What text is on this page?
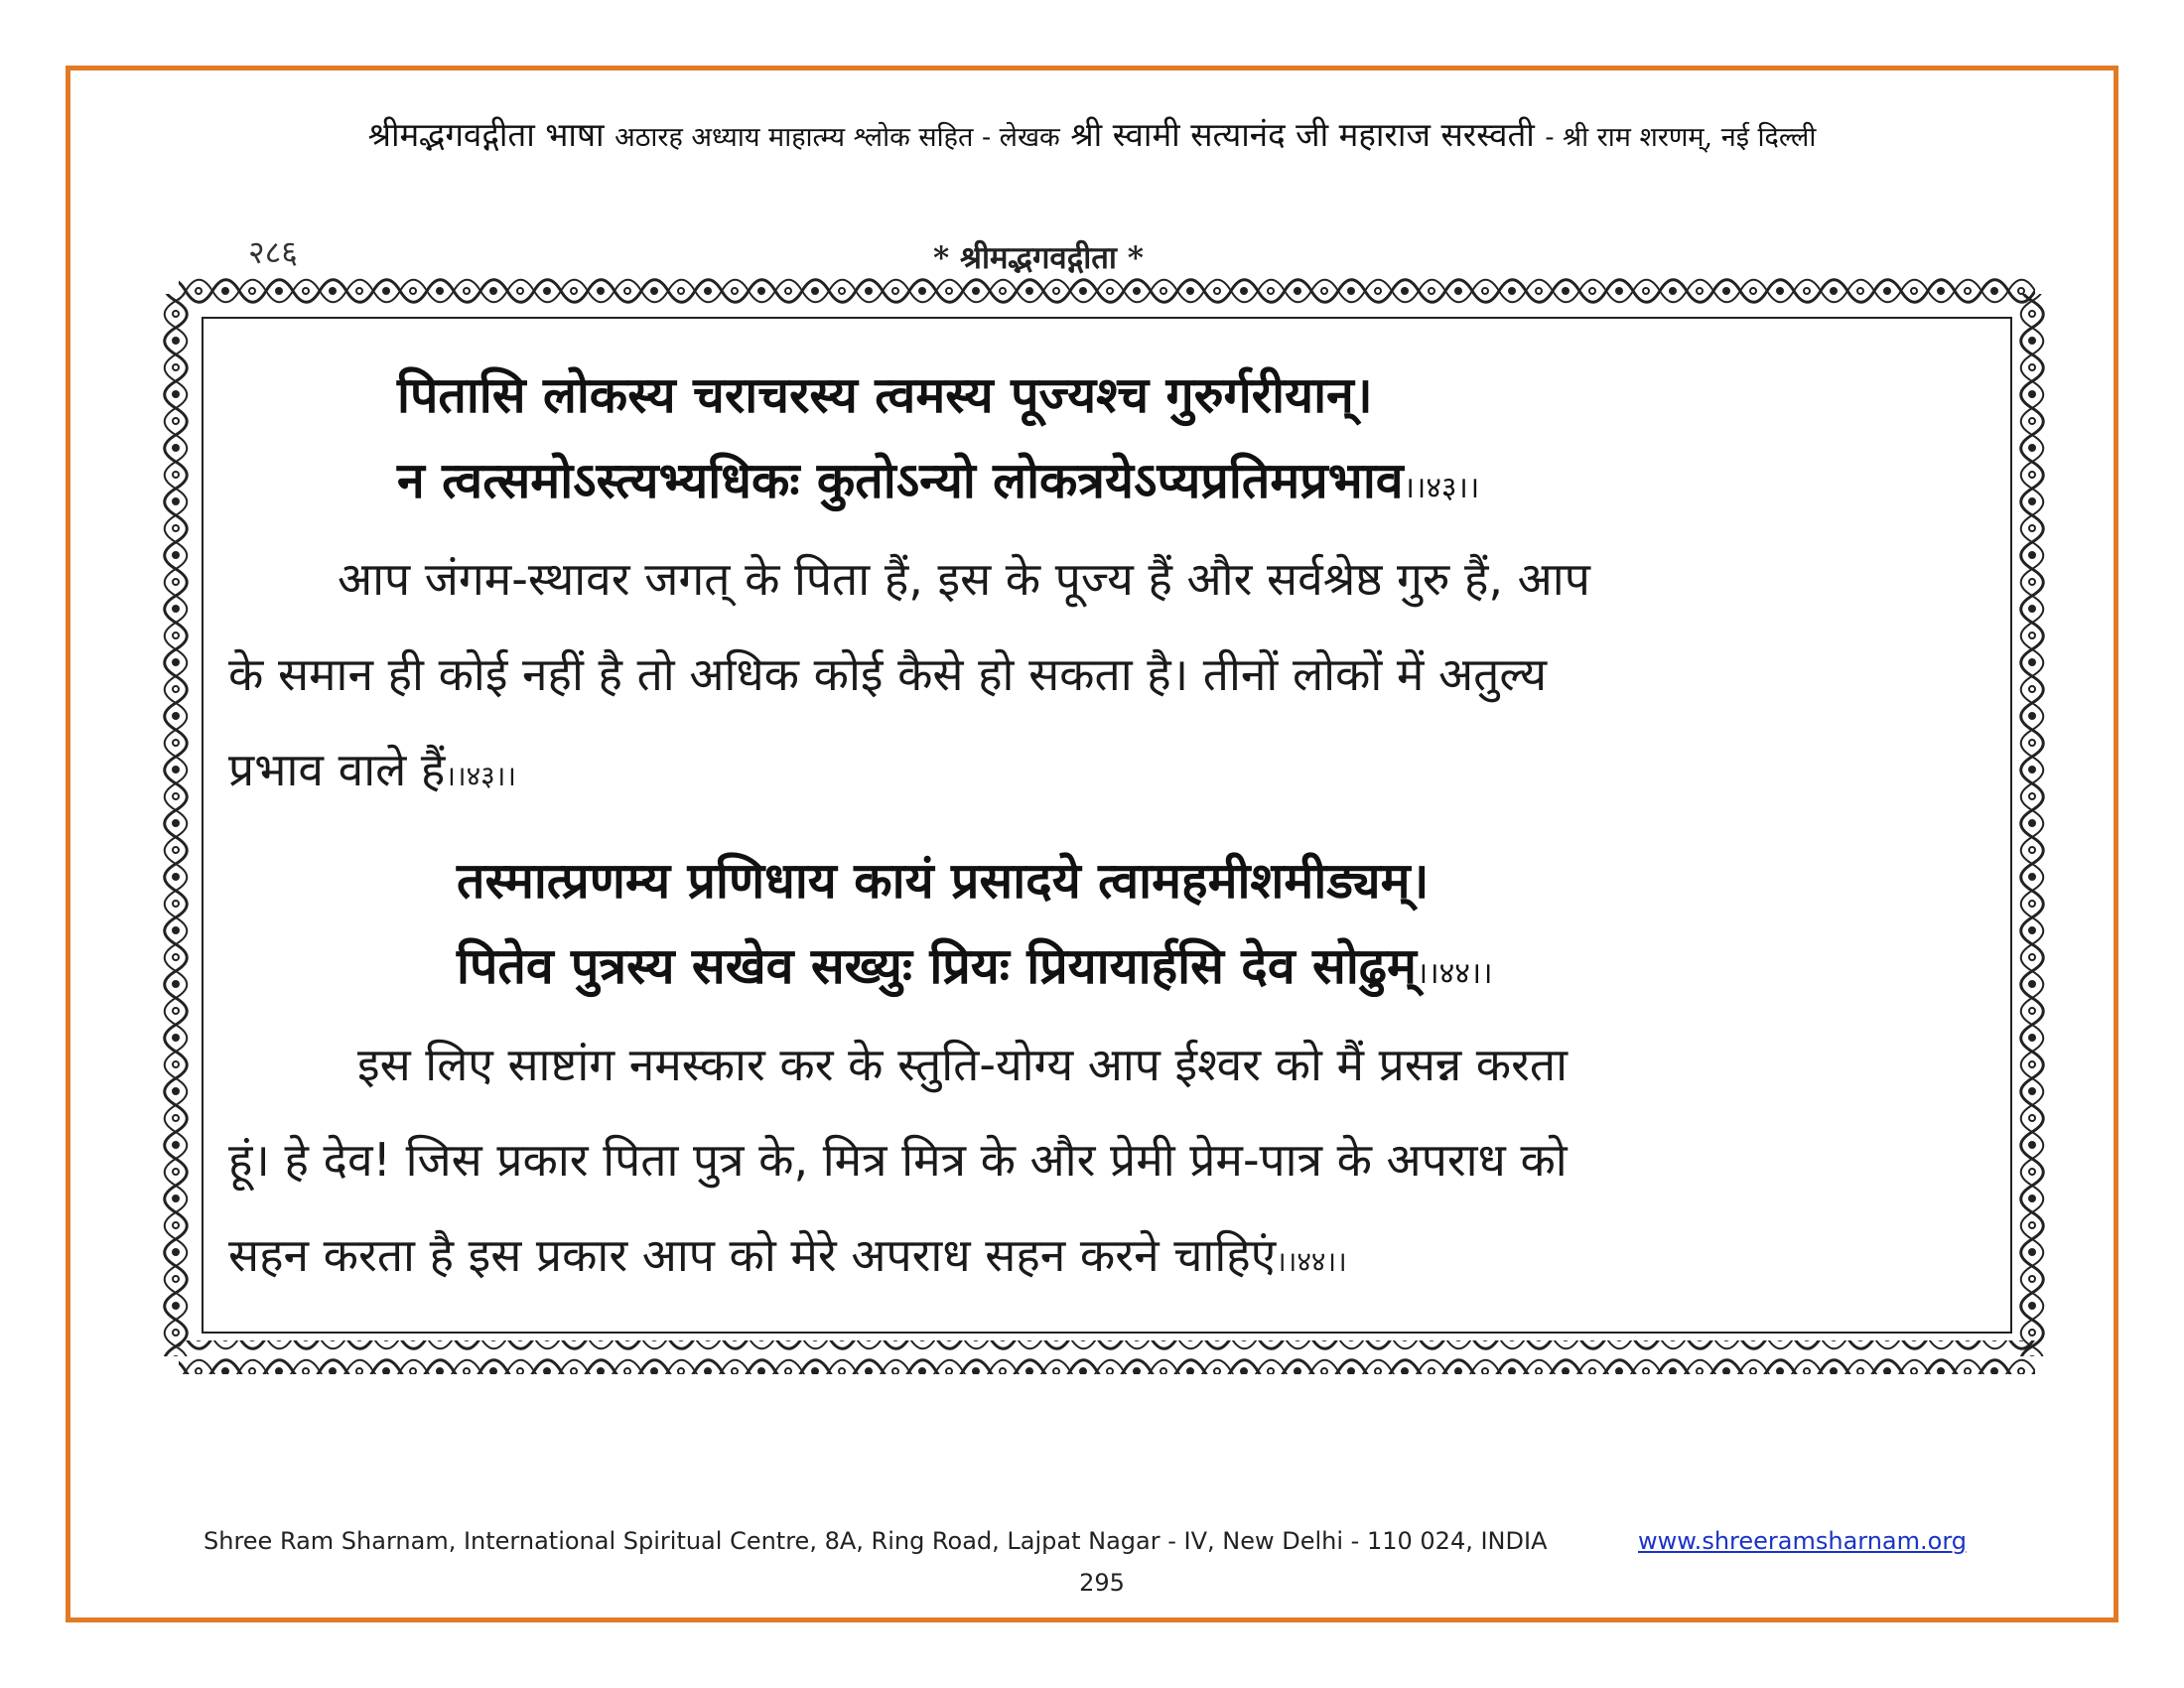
श्रीमद्भगवद्गीता भाषा अठारह अध्याय माहात्म्य श्लोक सहित - लेखक श्री स्वामी सत्यानंद जी महाराज सरस्वती - श्री राम शरणम्, नई दिल्ली
२८६	* श्रीमद्भगवद्गीता *
पितासि लोकस्य चराचरस्य त्वमस्य पूज्यश्च गुरुर्गरीयान्।
न त्वत्समोऽस्त्यभ्यधिकः कुतोऽन्यो लोकत्रयेऽप्यप्रतिमप्रभाव।।४३।।
आप जंगम-स्थावर जगत् के पिता हैं, इस के पूज्य हैं और सर्वश्रेष्ठ गुरु हैं, आप
के समान ही कोई नहीं है तो अधिक कोई कैसे हो सकता है। तीनों लोकों में अतुल्य
प्रभाव वाले हैं।।४३।।
तस्मात्प्रणम्य प्रणिधाय कायं प्रसादये त्वामहमीशमीड्यम्।
पितेव पुत्रस्य सखेव सख्युः प्रियः प्रियायार्हसि देव सोढुम्।।४४।।
इस लिए साष्टांग नमस्कार कर के स्तुति-योग्य आप ईश्वर को मैं प्रसन्न करता
हूं। हे देव! जिस प्रकार पिता पुत्र के, मित्र मित्र के और प्रेमी प्रेम-पात्र के अपराध को
सहन करता है इस प्रकार आप को मेरे अपराध सहन करने चाहिएं।।४४।।
Shree Ram Sharnam, International Spiritual Centre, 8A, Ring Road, Lajpat Nagar - IV, New Delhi - 110 024, INDIA	www.shreeramsharnam.org
295
